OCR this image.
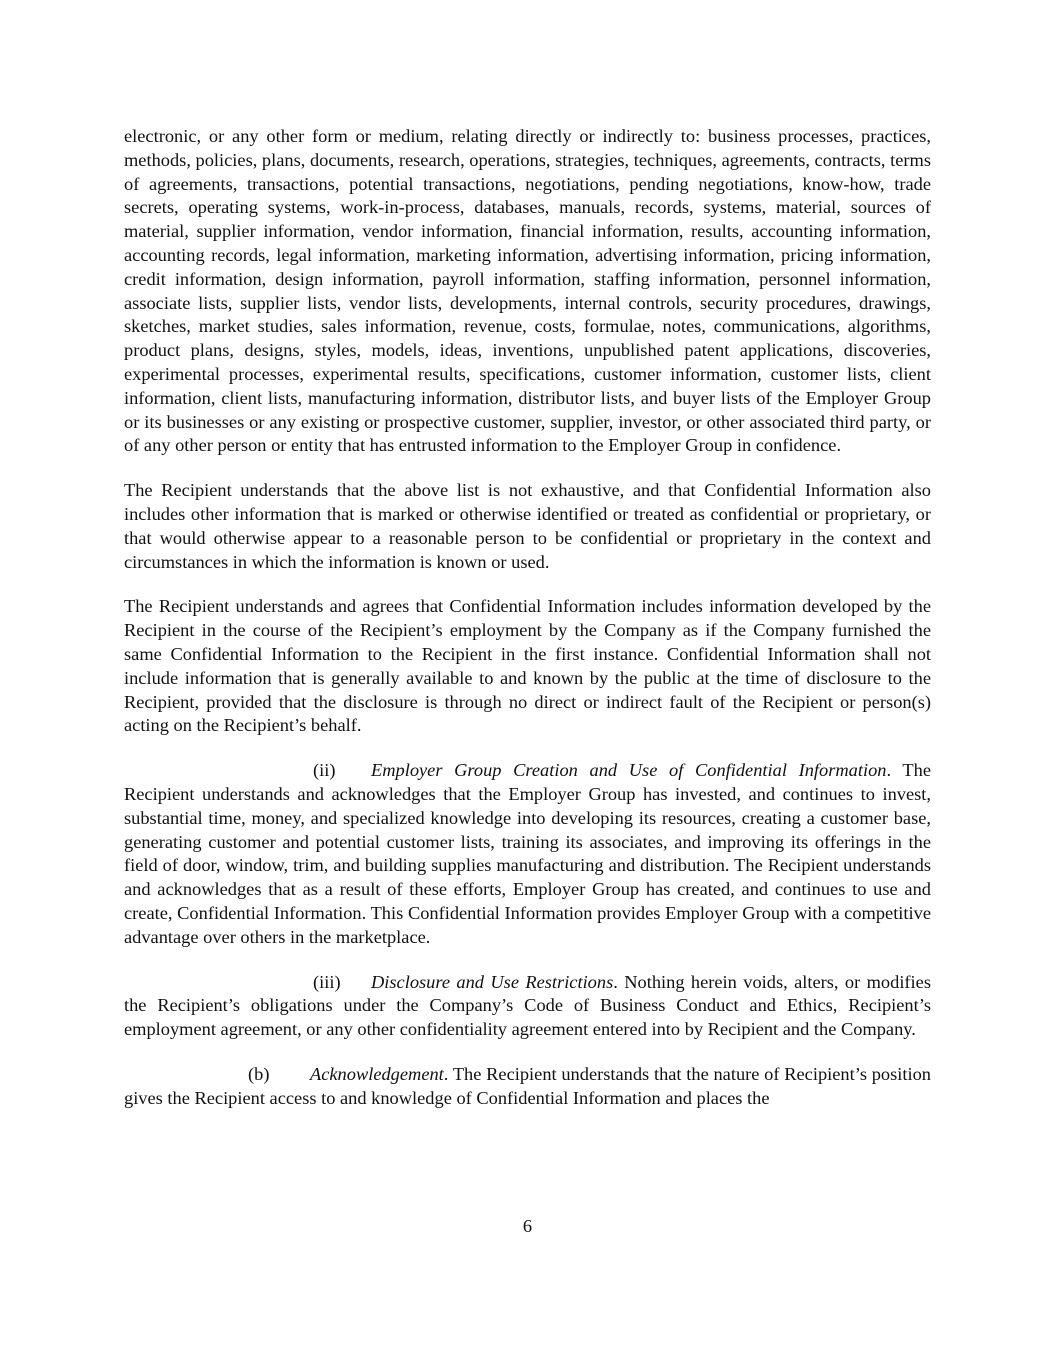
electronic, or any other form or medium, relating directly or indirectly to: business processes, practices, methods, policies, plans, documents, research, operations, strategies, techniques, agreements, contracts, terms of agreements, transactions, potential transactions, negotiations, pending negotiations, know-how, trade secrets, operating systems, work-in-process, databases, manuals, records, systems, material, sources of material, supplier information, vendor information, financial information, results, accounting information, accounting records, legal information, marketing information, advertising information, pricing information, credit information, design information, payroll information, staffing information, personnel information, associate lists, supplier lists, vendor lists, developments, internal controls, security procedures, drawings, sketches, market studies, sales information, revenue, costs, formulae, notes, communications, algorithms, product plans, designs, styles, models, ideas, inventions, unpublished patent applications, discoveries, experimental processes, experimental results, specifications, customer information, customer lists, client information, client lists, manufacturing information, distributor lists, and buyer lists of the Employer Group or its businesses or any existing or prospective customer, supplier, investor, or other associated third party, or of any other person or entity that has entrusted information to the Employer Group in confidence.

The Recipient understands that the above list is not exhaustive, and that Confidential Information also includes other information that is marked or otherwise identified or treated as confidential or proprietary, or that would otherwise appear to a reasonable person to be confidential or proprietary in the context and circumstances in which the information is known or used.

The Recipient understands and agrees that Confidential Information includes information developed by the Recipient in the course of the Recipient’s employment by the Company as if the Company furnished the same Confidential Information to the Recipient in the first instance. Confidential Information shall not include information that is generally available to and known by the public at the time of disclosure to the Recipient, provided that the disclosure is through no direct or indirect fault of the Recipient or person(s) acting on the Recipient’s behalf.

(ii) Employer Group Creation and Use of Confidential Information. The Recipient understands and acknowledges that the Employer Group has invested, and continues to invest, substantial time, money, and specialized knowledge into developing its resources, creating a customer base, generating customer and potential customer lists, training its associates, and improving its offerings in the field of door, window, trim, and building supplies manufacturing and distribution. The Recipient understands and acknowledges that as a result of these efforts, Employer Group has created, and continues to use and create, Confidential Information. This Confidential Information provides Employer Group with a competitive advantage over others in the marketplace.

(iii) Disclosure and Use Restrictions. Nothing herein voids, alters, or modifies the Recipient’s obligations under the Company’s Code of Business Conduct and Ethics, Recipient’s employment agreement, or any other confidentiality agreement entered into by Recipient and the Company.

(b) Acknowledgement. The Recipient understands that the nature of Recipient’s position gives the Recipient access to and knowledge of Confidential Information and places the

6
